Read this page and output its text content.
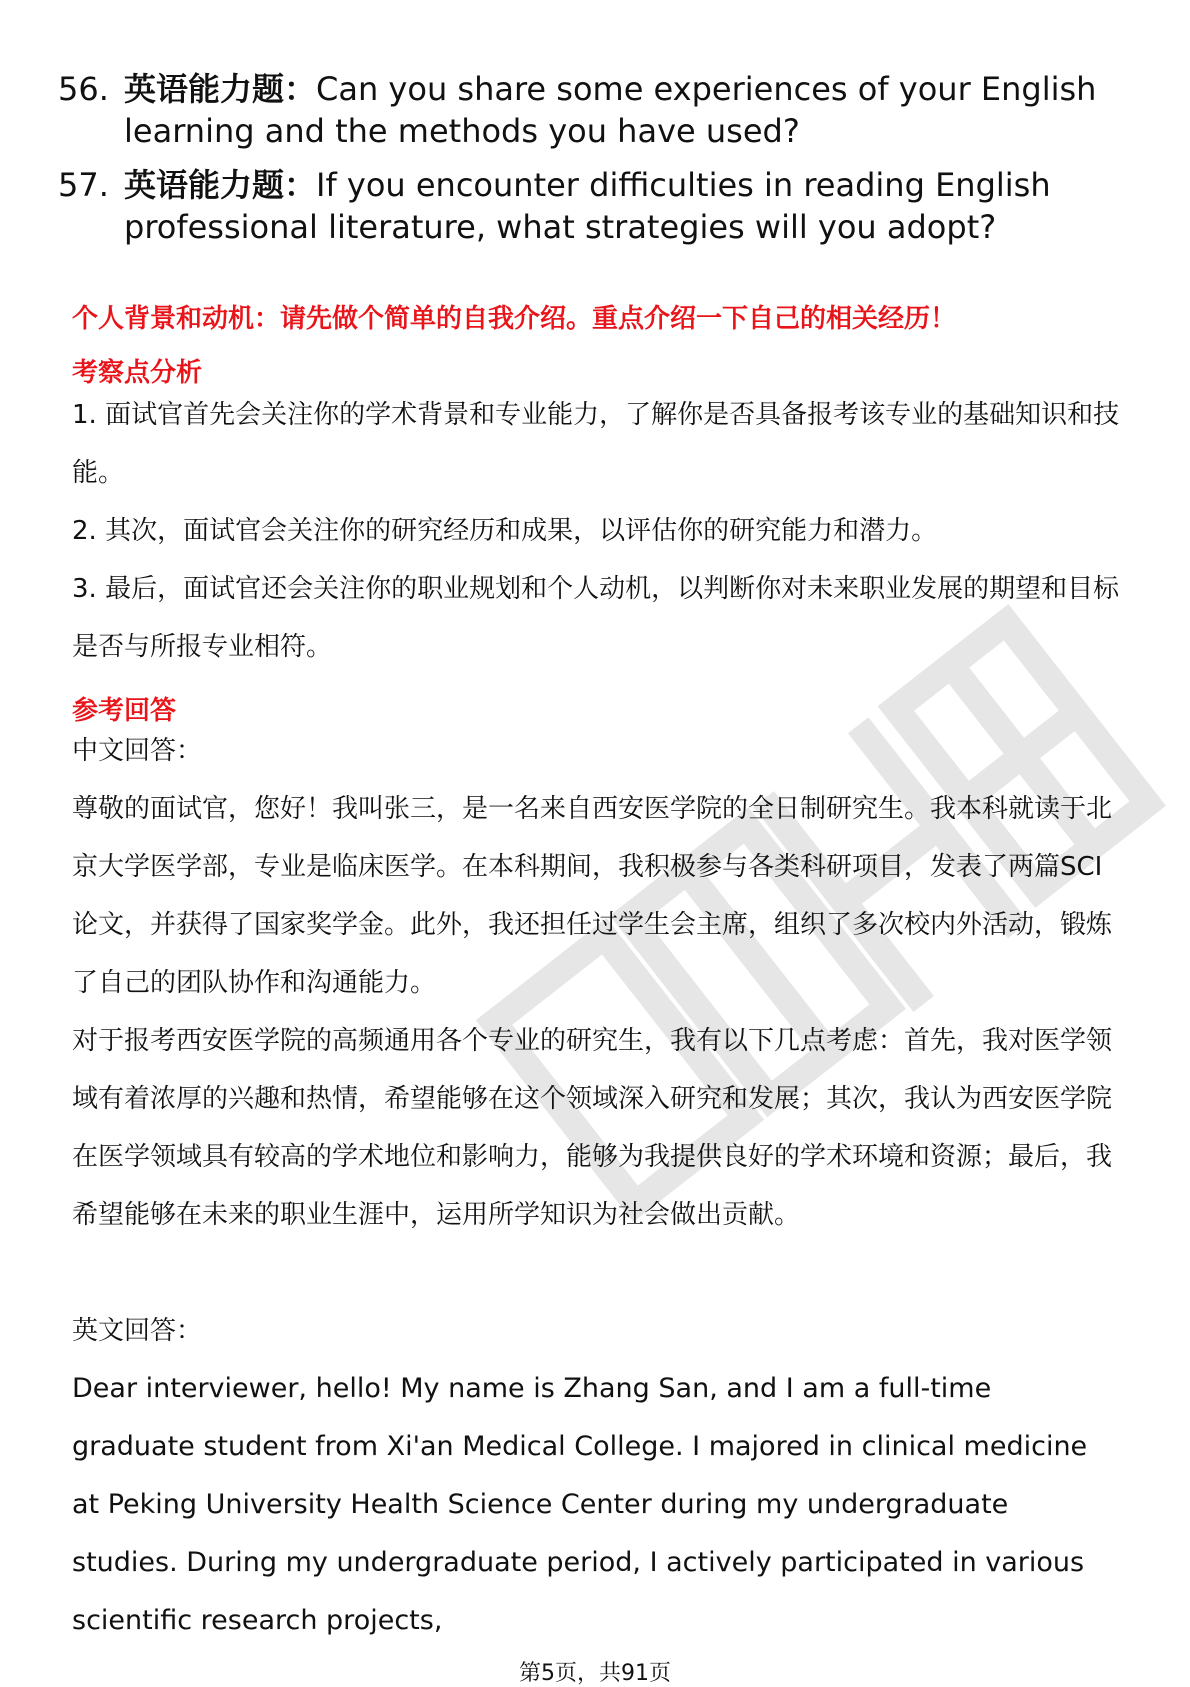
56. 英语能力题：Can you share some experiences of your English learning and the methods you have used?
57. 英语能力题：If you encounter difficulties in reading English professional literature, what strategies will you adopt?
个人背景和动机：请先做个简单的自我介绍。重点介绍一下自己的相关经历！
考察点分析

1. 面试官首先会关注你的学术背景和专业能力，了解你是否具备报考该专业的基础知识和技能。

2. 其次，面试官会关注你的研究经历和成果，以评估你的研究能力和潜力。

3. 最后，面试官还会关注你的职业规划和个人动机，以判断你对未来职业发展的期望和目标是否与所报专业相符。

参考回答

中文回答：

尊敬的面试官，您好！我叫张三，是一名来自西安医学院的全日制研究生。我本科就读于北京大学医学部，专业是临床医学。在本科期间，我积极参与各类科研项目，发表了两篇SCI论文，并获得了国家奖学金。此外，我还担任过学生会主席，组织了多次校内外活动，锻炼了自己的团队协作和沟通能力。

对于报考西安医学院的高频通用各个专业的研究生，我有以下几点考虑：首先，我对医学领域有着浓厚的兴趣和热情，希望能够在这个领域深入研究和发展；其次，我认为西安医学院在医学领域具有较高的学术地位和影响力，能够为我提供良好的学术环境和资源；最后，我希望能够在未来的职业生涯中，运用所学知识为社会做出贡献。

英文回答：

Dear interviewer, hello! My name is Zhang San, and I am a full-time graduate student from Xi'an Medical College. I majored in clinical medicine at Peking University Health Science Center during my undergraduate studies. During my undergraduate period, I actively participated in various scientific research projects,

第5页，共91页
